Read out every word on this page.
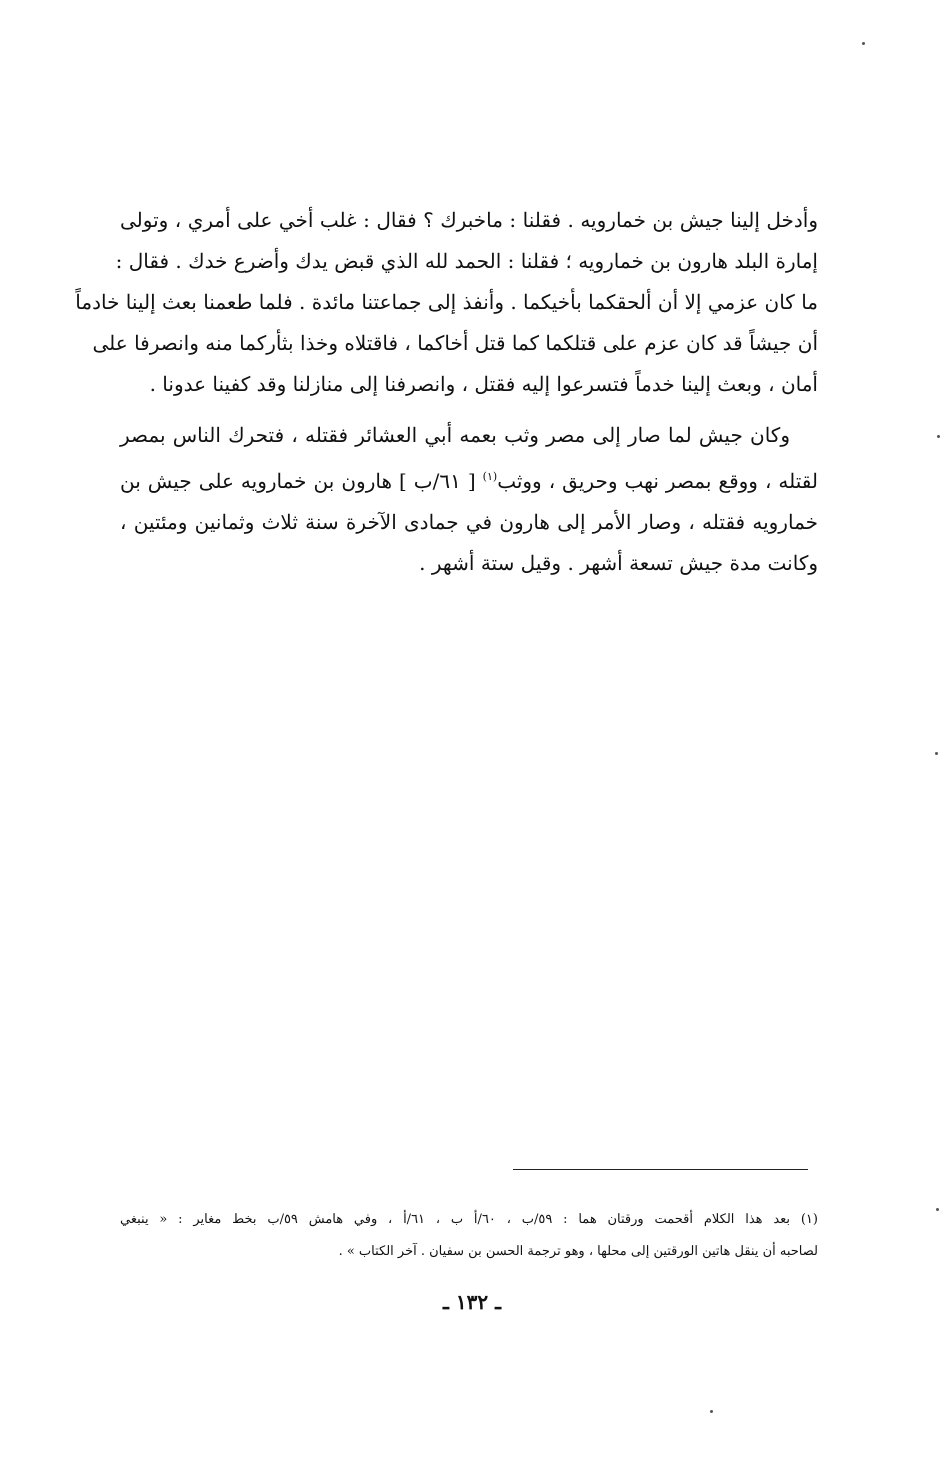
وأدخل إلينا جيش بن خمارويه . فقلنا : ماخبرك ؟ فقال : غلب أخي على أمري ، وتولى
إمارة البلد هارون بن خمارويه ؛ فقلنا : الحمد لله الذي قبض يدك وأضرع خدك . فقال :
ما كان عزمي إلا أن ألحقكما بأخيكما . وأنفذ إلى جماعتنا مائدة . فلما طعمنا بعث إلينا خادماً
أن جيشاً قد كان عزم على قتلكما كما قتل أخاكما ، فاقتلاه وخذا بثأركما منه وانصرفا على
أمان ، وبعث إلينا خدماً فتسرعوا إليه فقتل ، وانصرفنا إلى منازلنا وقد كفينا عدونا .
وكان جيش لما صار إلى مصر وثب بعمه أبي العشائر فقتله ، فتحرك الناس بمصر
لقتله ، ووقع بمصر نهب وحريق ، ووثب$^{(١)}$ [ ٦١/ب ] هارون بن خمارويه على جيش بن
خمارويه فقتله ، وصار الأمر إلى هارون في جمادى الآخرة سنة ثلاث وثمانين ومئتين ،
وكانت مدة جيش تسعة أشهر . وقيل ستة أشهر .
(١) بعد هذا الكلام أقحمت ورقتان هما : ٥٩/ب ، ٦٠/أ ب ، ٦١/أ ، وفي هامش ٥٩/ب بخط مغاير : « ينبغي
لصاحبه أن ينقل هاتين الورقتين إلى محلها ، وهو ترجمة الحسن بن سفيان . آخر الكتاب » .
ـ ١٣٢ ـ
